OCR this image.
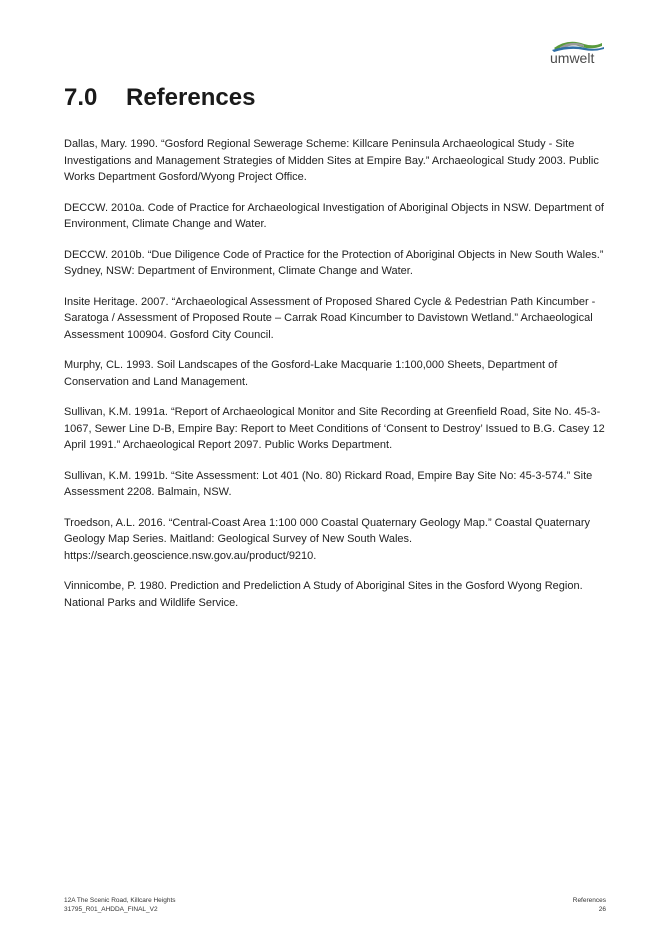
umwelt
7.0 References
Dallas, Mary. 1990. “Gosford Regional Sewerage Scheme: Killcare Peninsula Archaeological Study - Site Investigations and Management Strategies of Midden Sites at Empire Bay.” Archaeological Study 2003. Public Works Department Gosford/Wyong Project Office.
DECCW. 2010a. Code of Practice for Archaeological Investigation of Aboriginal Objects in NSW. Department of Environment, Climate Change and Water.
DECCW. 2010b. “Due Diligence Code of Practice for the Protection of Aboriginal Objects in New South Wales.” Sydney, NSW: Department of Environment, Climate Change and Water.
Insite Heritage. 2007. “Archaeological Assessment of Proposed Shared Cycle & Pedestrian Path Kincumber - Saratoga / Assessment of Proposed Route – Carrak Road Kincumber to Davistown Wetland.” Archaeological Assessment 100904. Gosford City Council.
Murphy, CL. 1993. Soil Landscapes of the Gosford-Lake Macquarie 1:100,000 Sheets, Department of Conservation and Land Management.
Sullivan, K.M. 1991a. “Report of Archaeological Monitor and Site Recording at Greenfield Road, Site No. 45-3-1067, Sewer Line D-B, Empire Bay: Report to Meet Conditions of ‘Consent to Destroy’ Issued to B.G. Casey 12 April 1991.” Archaeological Report 2097. Public Works Department.
Sullivan, K.M. 1991b. “Site Assessment: Lot 401 (No. 80) Rickard Road, Empire Bay Site No: 45-3-574.” Site Assessment 2208. Balmain, NSW.
Troedson, A.L. 2016. “Central-Coast Area 1:100 000 Coastal Quaternary Geology Map.” Coastal Quaternary Geology Map Series. Maitland: Geological Survey of New South Wales. https://search.geoscience.nsw.gov.au/product/9210.
Vinnicombe, P. 1980. Prediction and Predeliction A Study of Aboriginal Sites in the Gosford Wyong Region. National Parks and Wildlife Service.
12A The Scenic Road, Killcare Heights
31795_R01_AHDDA_FINAL_V2
References
26
